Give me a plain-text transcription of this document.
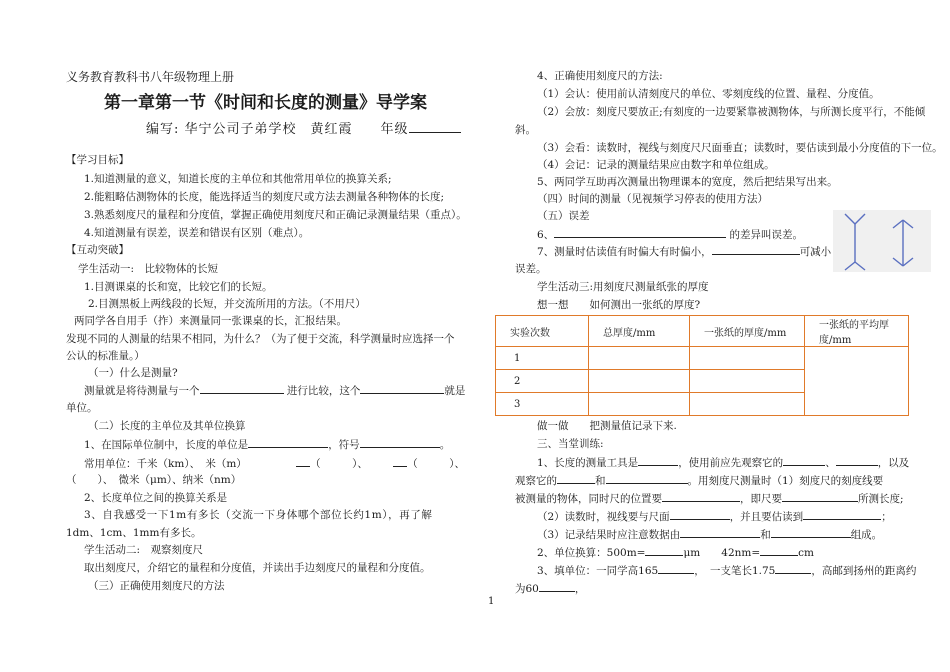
义务教育教科书八年级物理上册
第一章第一节《时间和长度的测量》导学案
编写: 华宁公司子弟学校　黄红霞　　年级
【学习目标】
1.知道测量的意义，知道长度的主单位和其他常用单位的换算关系;
2.能粗略估测物体的长度，能选择适当的刻度尺或方法去测量各种物体的长度;
3.熟悉刻度尺的量程和分度值，掌握正确使用刻度尺和正确记录测量结果（重点）。
4.知道测量有误差，误差和错误有区别（难点）。
【互动突破】
学生活动一:　比较物体的长短
1.目测课桌的长和宽，比较它们的长短。
2.目测黑板上两线段的长短，并交流所用的方法。（不用尺）
两同学各自用手（拃）来测量同一张课桌的长，汇报结果。
发现不同的人测量的结果不相同，为什么？（为了便于交流，科学测量时应选择一个
公认的标准量。）
（一）什么是测量?
测量就是将待测量与一个	进行比较，这个	就是
单位。
（二）长度的主单位及其单位换算
1、在国际单位制中，长度的单位是	，符号	。
常用单位：千米（km）、　米（m）	（　　　）、	（　　　）、
（　　）、　微米（μm）、纳米（nm）
2、长度单位之间的换算关系是
3、自我感受一下1m有多长（交流一下身体哪个部位长约1m），再了解
1dm、1cm、1mm有多长。
学生活动二:　观察刻度尺
取出刻度尺，介绍它的量程和分度值，并读出手边刻度尺的量程和分度值。
（三）正确使用刻度尺的方法
4、正确使用刻度尺的方法:
（1）会认：使用前认清刻度尺的单位、零刻度线的位置、量程、分度值。
（2）会放：刻度尺要放正;有刻度的一边要紧靠被测物体，与所测长度平行，不能倾
斜。
（3）会看：读数时，视线与刻度尺尺面垂直；读数时，要估读到最小分度值的下一位。
（4）会记：记录的测量结果应由数字和单位组成。
5、两同学互助再次测量出物理课本的宽度，然后把结果写出来。
（四）时间的测量（见视频学习停表的使用方法）
（五）误差
6、	的差异叫误差。
7、测量时估读值有时偏大有时偏小，	可减小
误差。
学生活动三:用刻度尺测量纸张的厚度
想一想　　如何测出一张纸的厚度?
做一做　　把测量值记录下来.
三、当堂训练:
1、长度的测量工具是	，使用前应先观察它的	、	，以及
观察它的	和	。用刻度尺测量时（1）刻度尺的刻度线要
被测量的物体，同时尺的位置要	，即尺要	所测长度;
（2）读数时，视线要与尺面	，并且要估读到	；
（3）记录结果时应注意数据由	和	组成。
2、单位换算：500m=	μm　　42nm=	cm
3、填单位：一同学高165	，　一支笔长1.75	，高邮到扬州的距离约
为60	，
实验次数	总厚度/mm	一张纸的厚度/mm	一张纸的平均厚度/mm
1			
2			
3			
1
